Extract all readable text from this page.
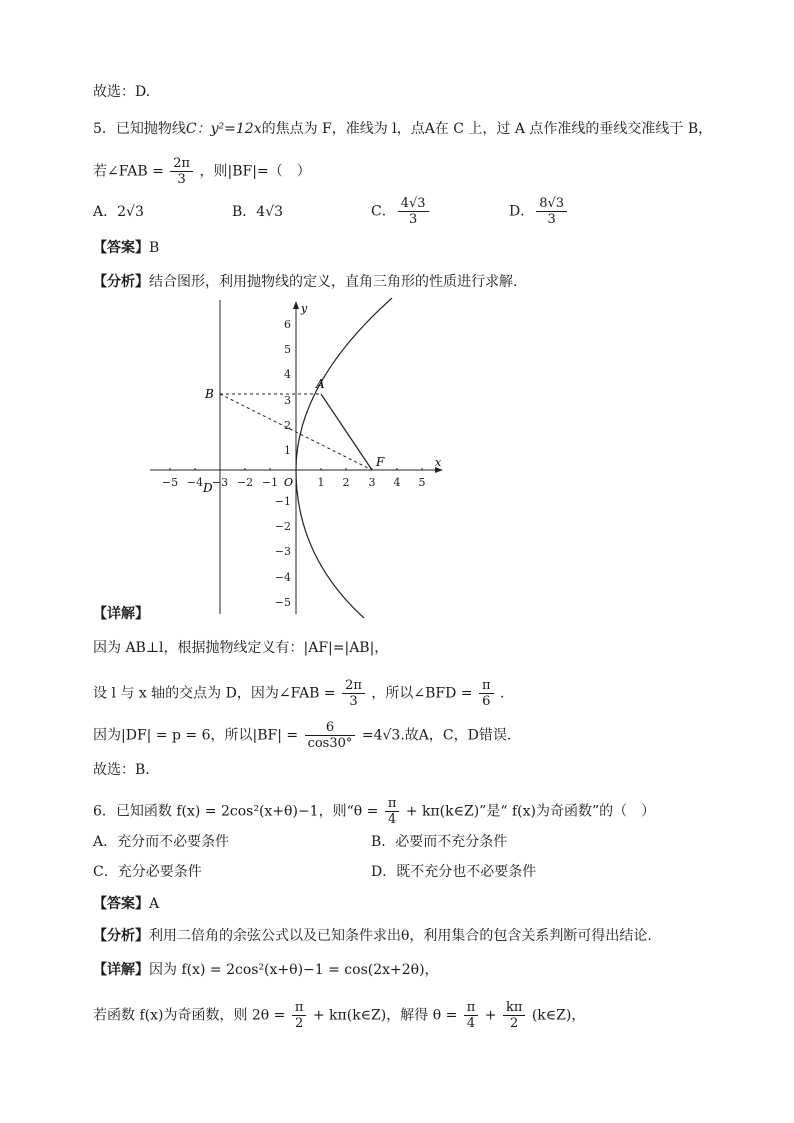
故选：D.
5．已知抛物线C：y²=12x的焦点为 F，准线为 l，点A在 C 上，过 A 点作准线的垂线交准线于 B，
若∠FAB = $\frac{2\pi}{3}$ ，则|BF|=（　）
A．2√3	B．4√3	C． $\frac{4√3}{3}$	D． $\frac{8√3}{3}$
【答案】B
【分析】结合图形，利用抛物线的定义，直角三角形的性质进行求解.
x
y
−5 −4 −3 −2 −1	1 2 3 4 5
6
5
4
3
2
1
−1
−2
−3
−4
−5
O
A
B
F
D
【详解】
因为 AB⊥l，根据抛物线定义有：|AF|=|AB|，
设 l 与 x 轴的交点为 D，因为∠FAB = $\frac{2\pi}{3}$ ，所以∠BFD = $\frac{\pi}{6}$ .
因为|DF| = p = 6，所以$|BF| = \frac{6}{\cos 30^\circ} =4√3$.故A，C，D错误.
故选：B.
6．已知函数 f(x) = 2cos²(x+θ)−1，则“$\theta = \frac{\pi}{4}$ + kπ(k∈Z)”是“ f(x)为奇函数”的（　）
A．充分而不必要条件	B．必要而不充分条件
C．充分必要条件	D．既不充分也不必要条件
【答案】A
【分析】利用二倍角的余弦公式以及已知条件求出θ，利用集合的包含关系判断可得出结论.
【详解】因为 f(x) = 2cos²(x+θ)−1 = cos(2x+2θ)，
若函数 f(x)为奇函数，则 $2\theta = \frac{\pi}{2}$ + kπ(k∈Z)，解得 $\theta = \frac{\pi}{4} + \frac{k\pi}{2}$ (k∈Z)，
